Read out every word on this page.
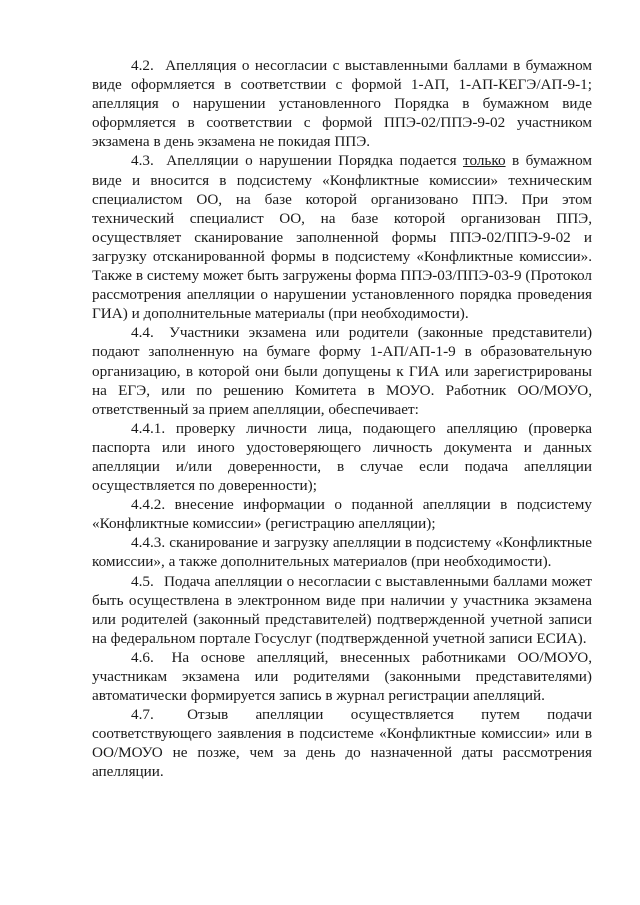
4.2. Апелляция о несогласии с выставленными баллами в бумажном виде оформляется в соответствии с формой 1-АП, 1-АП-КЕГЭ/АП-9-1; апелляция о нарушении установленного Порядка в бумажном виде оформляется в соответствии с формой ППЭ-02/ППЭ-9-02 участником экзамена в день экзамена не покидая ППЭ.

4.3. Апелляции о нарушении Порядка подается только в бумажном виде и вносится в подсистему «Конфликтные комиссии» техническим специалистом ОО, на базе которой организовано ППЭ. При этом технический специалист ОО, на базе которой организован ППЭ, осуществляет сканирование заполненной формы ППЭ-02/ППЭ-9-02 и загрузку отсканированной формы в подсистему «Конфликтные комиссии». Также в систему может быть загружены форма ППЭ-03/ППЭ-03-9 (Протокол рассмотрения апелляции о нарушении установленного порядка проведения ГИА) и дополнительные материалы (при необходимости).

4.4. Участники экзамена или родители (законные представители) подают заполненную на бумаге форму 1-АП/АП-1-9 в образовательную организацию, в которой они были допущены к ГИА или зарегистрированы на ЕГЭ, или по решению Комитета в МОУО. Работник ОО/МОУО, ответственный за прием апелляции, обеспечивает:

4.4.1. проверку личности лица, подающего апелляцию (проверка паспорта или иного удостоверяющего личность документа и данных апелляции и/или доверенности, в случае если подача апелляции осуществляется по доверенности);

4.4.2. внесение информации о поданной апелляции в подсистему «Конфликтные комиссии» (регистрацию апелляции);

4.4.3. сканирование и загрузку апелляции в подсистему «Конфликтные комиссии», а также дополнительных материалов (при необходимости).

4.5. Подача апелляции о несогласии с выставленными баллами может быть осуществлена в электронном виде при наличии у участника экзамена или родителей (законный представителей) подтвержденной учетной записи на федеральном портале Госуслуг (подтвержденной учетной записи ЕСИА).

4.6. На основе апелляций, внесенных работниками ОО/МОУО, участникам экзамена или родителями (законными представителями) автоматически формируется запись в журнал регистрации апелляций.

4.7. Отзыв апелляции осуществляется путем подачи соответствующего заявления в подсистеме «Конфликтные комиссии» или в ОО/МОУО не позже, чем за день до назначенной даты рассмотрения апелляции.
